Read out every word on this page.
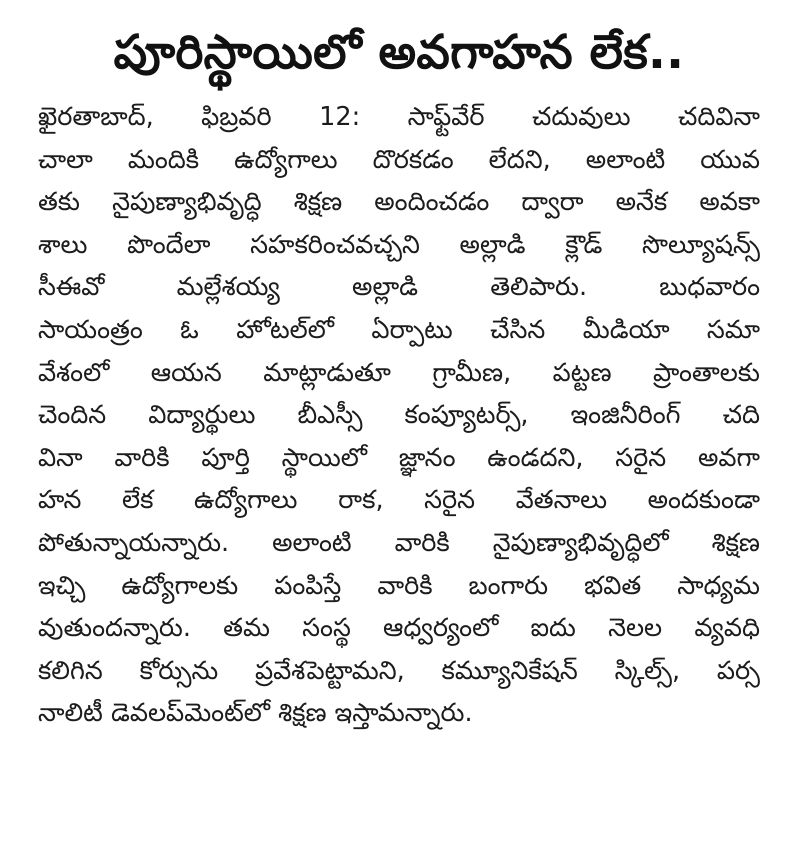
పూరిస్థాయిలో అవగాహన లేక..
ఖైరతాబాద్‌, ఫిబ్రవరి 12: సాఫ్ట్‌వేర్‌ చదువులు చదివినా
చాలా మందికి ఉద్యోగాలు దొరకడం లేదని, అలాంటి యువ
తకు నైపుణ్యాభివృద్ధి శిక్షణ అందించడం ద్వారా అనేక అవకా
శాలు పొందేలా సహకరించవచ్చని అల్లాడి క్లౌడ్‌ సొల్యూషన్స్‌
సీఈవో మల్లేశయ్య అల్లాడి తెలిపారు. బుధవారం
సాయంత్రం ఓ హోటల్‌లో ఏర్పాటు చేసిన మీడియా సమా
వేశంలో ఆయన మాట్లాడుతూ గ్రామీణ, పట్టణ ప్రాంతాలకు
చెందిన విద్యార్థులు బీఎస్సీ కంప్యూటర్స్‌, ఇంజినీరింగ్‌ చది
వినా వారికి పూర్తి స్థాయిలో జ్ఞానం ఉండదని, సరైన అవగా
హన లేక ఉద్యోగాలు రాక, సరైన వేతనాలు అందకుండా
పోతున్నాయన్నారు. అలాంటి వారికి నైపుణ్యాభివృద్ధిలో శిక్షణ
ఇచ్చి ఉద్యోగాలకు పంపిస్తే వారికి బంగారు భవిత సాధ్యమ
వుతుందన్నారు. తమ సంస్థ ఆధ్వర్యంలో ఐదు నెలల వ్యవధి
కలిగిన కోర్సును ప్రవేశపెట్టామని, కమ్యూనికేషన్‌ స్కిల్స్‌, పర్స
నాలిటీ డెవలప్‌మెంట్‌లో శిక్షణ ఇస్తామన్నారు.
